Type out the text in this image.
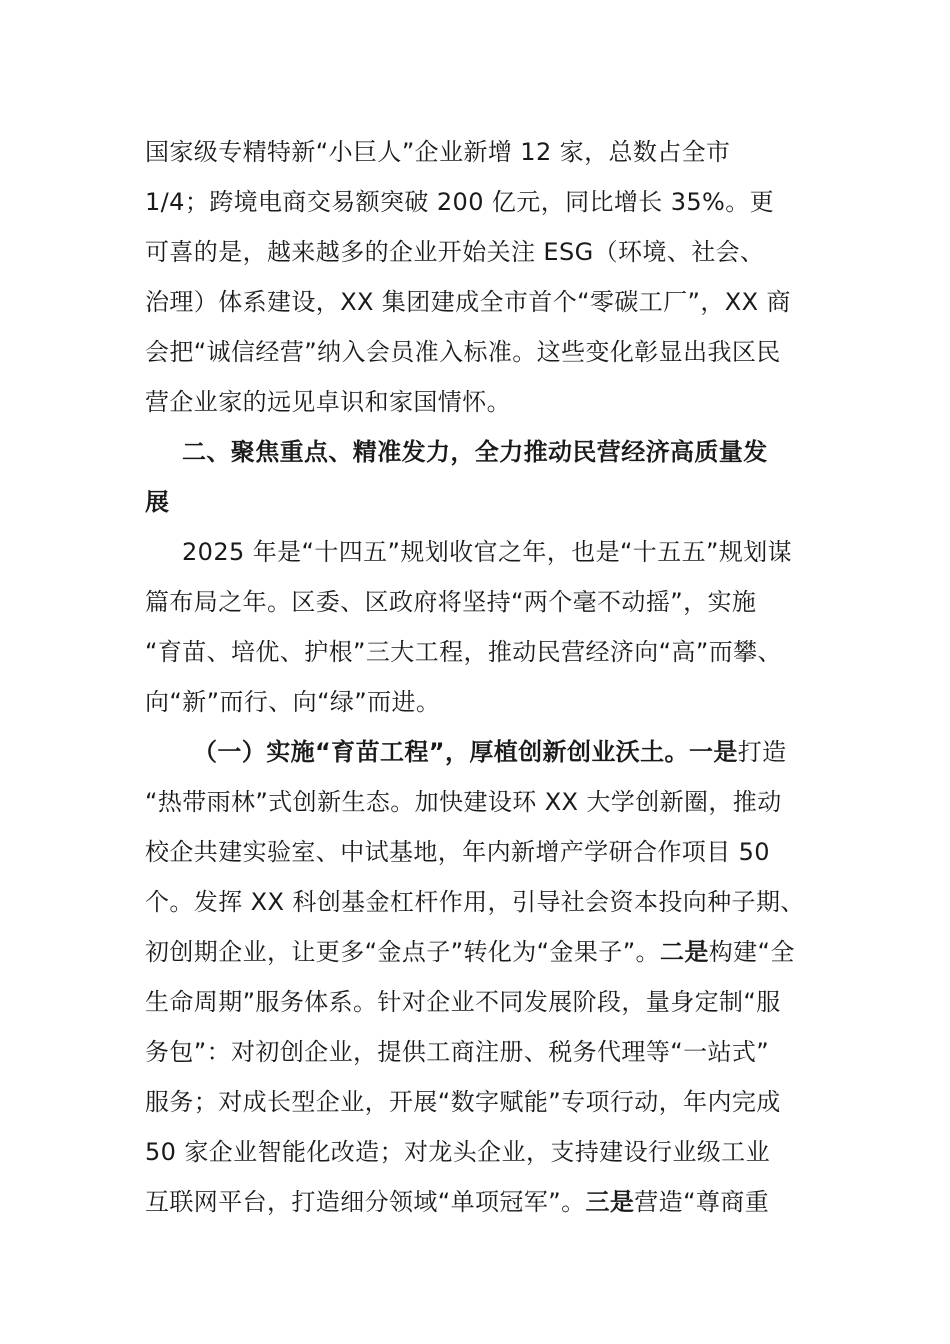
国家级专精特新“小巨人”企业新增 12 家，总数占全市
1/4；跨境电商交易额突破 200 亿元，同比增长 35%。更
可喜的是，越来越多的企业开始关注 ESG（环境、社会、
治理）体系建设，XX 集团建成全市首个“零碳工厂”，XX 商
会把“诚信经营”纳入会员准入标准。这些变化彰显出我区民
营企业家的远见卓识和家国情怀。
二、聚焦重点、精准发力，全力推动民营经济高质量发
展
2025 年是“十四五”规划收官之年，也是“十五五”规划谋
篇布局之年。区委、区政府将坚持“两个毫不动摇”，实施
“育苗、培优、护根”三大工程，推动民营经济向“高”而攀、
向“新”而行、向“绿”而进。
（一）实施“育苗工程”，厚植创新创业沃土。一是打造
“热带雨林”式创新生态。加快建设环 XX 大学创新圈，推动
校企共建实验室、中试基地，年内新增产学研合作项目 50
个。发挥 XX 科创基金杠杆作用，引导社会资本投向种子期、
初创期企业，让更多“金点子”转化为“金果子”。二是构建“全
生命周期”服务体系。针对企业不同发展阶段，量身定制“服
务包”：对初创企业，提供工商注册、税务代理等“一站式”
服务；对成长型企业，开展“数字赋能”专项行动，年内完成
50 家企业智能化改造；对龙头企业，支持建设行业级工业
互联网平台，打造细分领域“单项冠军”。三是营造“尊商重
